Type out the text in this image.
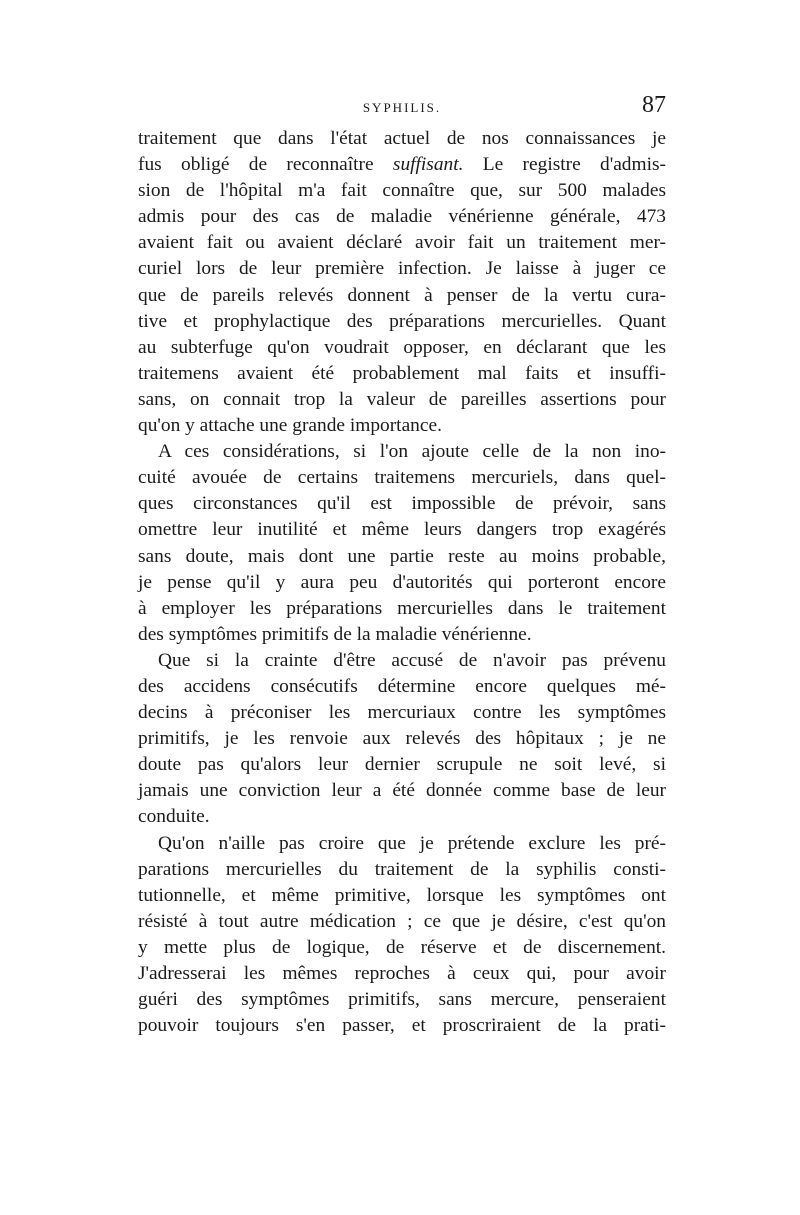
SYPHILIS.	87
traitement que dans l'état actuel de nos connaissances je
fus obligé de reconnaître suffisant. Le registre d'admis-
sion de l'hôpital m'a fait connaître que, sur 500 malades
admis pour des cas de maladie vénérienne générale, 473
avaient fait ou avaient déclaré avoir fait un traitement mer-
curiel lors de leur première infection. Je laisse à juger ce
que de pareils relevés donnent à penser de la vertu cura-
tive et prophylactique des préparations mercurielles. Quant
au subterfuge qu'on voudrait opposer, en déclarant que les
traitemens avaient été probablement mal faits et insuffi-
sans, on connait trop la valeur de pareilles assertions pour
qu'on y attache une grande importance.
A ces considérations, si l'on ajoute celle de la non ino-
cuité avouée de certains traitemens mercuriels, dans quel-
ques circonstances qu'il est impossible de prévoir, sans
omettre leur inutilité et même leurs dangers trop exagérés
sans doute, mais dont une partie reste au moins probable,
je pense qu'il y aura peu d'autorités qui porteront encore
à employer les préparations mercurielles dans le traitement
des symptômes primitifs de la maladie vénérienne.
Que si la crainte d'être accusé de n'avoir pas prévenu
des accidens consécutifs détermine encore quelques mé-
decins à préconiser les mercuriaux contre les symptômes
primitifs, je les renvoie aux relevés des hôpitaux ; je ne
doute pas qu'alors leur dernier scrupule ne soit levé, si
jamais une conviction leur a été donnée comme base de leur
conduite.
Qu'on n'aille pas croire que je prétende exclure les pré-
parations mercurielles du traitement de la syphilis consti-
tutionnelle, et même primitive, lorsque les symptômes ont
résisté à tout autre médication ; ce que je désire, c'est qu'on
y mette plus de logique, de réserve et de discernement.
J'adresserai les mêmes reproches à ceux qui, pour avoir
guéri des symptômes primitifs, sans mercure, penseraient
pouvoir toujours s'en passer, et proscriraient de la prati-
